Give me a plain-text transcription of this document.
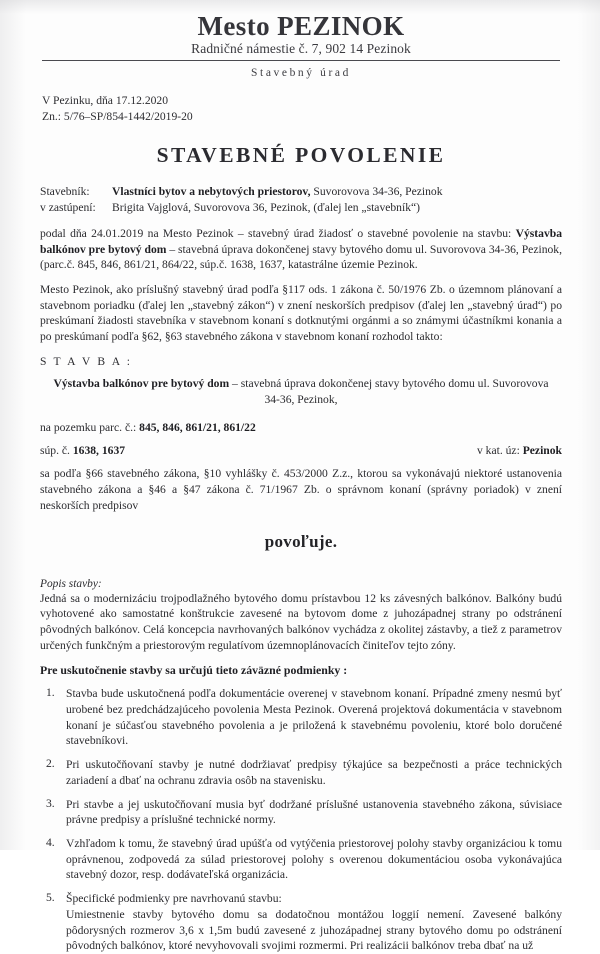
Mesto PEZINOK
Radničné námestie č. 7, 902 14 Pezinok
Stavebný úrad
V Pezinku, dňa 17.12.2020
Zn.: 5/76–SP/854-1442/2019-20
STAVEBNÉ POVOLENIE
Stavebník:	Vlastníci bytov a nebytových priestorov, Suvorovova 34-36, Pezinok
v zastúpení:	Brigita Vajglová, Suvorovova 36, Pezinok, (ďalej len „stavebník“)

podal dňa 24.01.2019 na Mesto Pezinok – stavebný úrad žiadosť o stavebné povolenie na stavbu: Výstavba balkónov pre bytový dom – stavebná úprava dokončenej stavy bytového domu ul. Suvorovova 34-36, Pezinok, (parc.č. 845, 846, 861/21, 864/22, súp.č. 1638, 1637, katastrálne územie Pezinok.

Mesto Pezinok, ako príslušný stavebný úrad podľa §117 ods. 1 zákona č. 50/1976 Zb. o územnom plánovaní a stavebnom poriadku (ďalej len „stavebný zákon“) v znení neskorších predpisov (ďalej len „stavebný úrad“) po preskúmaní žiadosti stavebníka v stavebnom konaní s dotknutými orgánmi a so známymi účastníkmi konania a po preskúmaní podľa §62, §63 stavebného zákona v stavebnom konaní rozhodol takto:

S T A V B A :
Výstavba balkónov pre bytový dom – stavebná úprava dokončenej stavy bytového domu ul. Suvorovova 34-36, Pezinok,

na pozemku parc. č.: 845, 846, 861/21, 861/22

súp. č. 1638, 1637	v kat. úz: Pezinok

sa podľa §66 stavebného zákona, §10 vyhlášky č. 453/2000 Z.z., ktorou sa vykonávajú niektoré ustanovenia stavebného zákona a §46 a §47 zákona č. 71/1967 Zb. o správnom konaní (správny poriadok) v znení neskorších predpisov

povoľuje.
Popis stavby:

Jedná sa o modernizáciu trojpodlažného bytového domu prístavbou 12 ks závesných balkónov. Balkóny budú vyhotovené ako samostatné konštrukcie zavesené na bytovom dome z juhozápadnej strany po odstránení pôvodných balkónov. Celá koncepcia navrhovaných balkónov vychádza z okolitej zástavby, a tiež z parametrov určených funkčným a priestorovým regulatívom územnoplánovacích činiteľov tejto zóny.

Pre uskutočnenie stavby sa určujú tieto záväzné podmienky :
1. Stavba bude uskutočnená podľa dokumentácie overenej v stavebnom konaní. Prípadné zmeny nesmú byť urobené bez predchádzajúceho povolenia Mesta Pezinok. Overená projektová dokumentácia v stavebnom konaní je súčasťou stavebného povolenia a je priložená k stavebnému povoleniu, ktoré bolo doručené stavebníkovi.
2. Pri uskutočňovaní stavby je nutné dodržiavať predpisy týkajúce sa bezpečnosti a práce technických zariadení a dbať na ochranu zdravia osôb na stavenisku.
3. Pri stavbe a jej uskutočňovaní musia byť dodržané príslušné ustanovenia stavebného zákona, súvisiace právne predpisy a príslušné technické normy.
4. Vzhľadom k tomu, že stavebný úrad upúšťa od vytýčenia priestorovej polohy stavby organizáciou k tomu oprávnenou, zodpovedá za súlad priestorovej polohy s overenou dokumentáciou osoba vykonávajúca stavebný dozor, resp. dodávateľská organizácia.
5. Špecifické podmienky pre navrhovanú stavbu:
Umiestnenie stavby bytového domu sa dodatočnou montážou loggií nemení. Zavesené balkóny pôdorysných rozmerov 3,6 x 1,5m budú zavesené z juhozápadnej strany bytového domu po odstránení pôvodných balkónov, ktoré nevyhovovali svojimi rozmermi. Pri realizácii balkónov treba dbať na už
